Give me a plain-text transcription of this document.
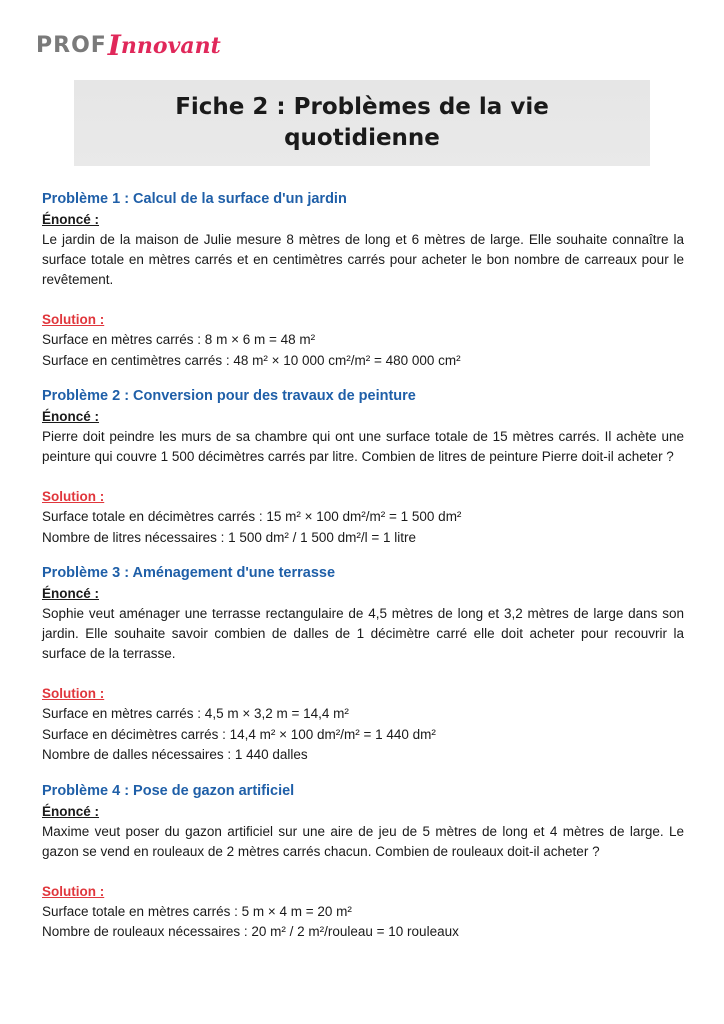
PROF I nnovant
Fiche 2 : Problèmes de la vie quotidienne

Problème 1 : Calcul de la surface d'un jardin

Énoncé :

Le jardin de la maison de Julie mesure 8 mètres de long et 6 mètres de large. Elle souhaite connaître la surface totale en mètres carrés et en centimètres carrés pour acheter le bon nombre de carreaux pour le revêtement.

Solution :

Surface en mètres carrés : 8 m × 6 m = 48 m²

Surface en centimètres carrés : 48 m² × 10 000 cm²/m² = 480 000 cm²

Problème 2 : Conversion pour des travaux de peinture

Énoncé :

Pierre doit peindre les murs de sa chambre qui ont une surface totale de 15 mètres carrés. Il achète une peinture qui couvre 1 500 décimètres carrés par litre. Combien de litres de peinture Pierre doit-il acheter ?

Solution :

Surface totale en décimètres carrés : 15 m² × 100 dm²/m² = 1 500 dm²

Nombre de litres nécessaires : 1 500 dm² / 1 500 dm²/l = 1 litre

Problème 3 : Aménagement d'une terrasse

Énoncé :

Sophie veut aménager une terrasse rectangulaire de 4,5 mètres de long et 3,2 mètres de large dans son jardin. Elle souhaite savoir combien de dalles de 1 décimètre carré elle doit acheter pour recouvrir la surface de la terrasse.

Solution :

Surface en mètres carrés : 4,5 m × 3,2 m = 14,4 m²

Surface en décimètres carrés : 14,4 m² × 100 dm²/m² = 1 440 dm²

Nombre de dalles nécessaires : 1 440 dalles

Problème 4 : Pose de gazon artificiel

Énoncé :

Maxime veut poser du gazon artificiel sur une aire de jeu de 5 mètres de long et 4 mètres de large. Le gazon se vend en rouleaux de 2 mètres carrés chacun. Combien de rouleaux doit-il acheter ?

Solution :

Surface totale en mètres carrés : 5 m × 4 m = 20 m²

Nombre de rouleaux nécessaires : 20 m² / 2 m²/rouleau = 10 rouleaux
